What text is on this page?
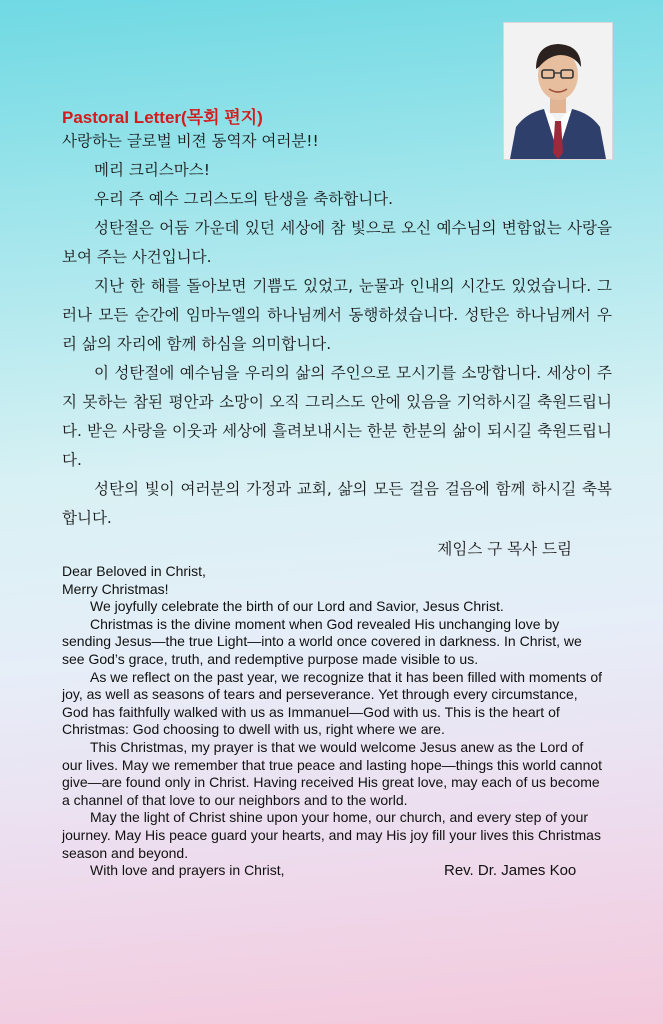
Pastoral Letter(목회 편지)

사랑하는 글로벌 비젼 동역자 여러분!!

메리 크리스마스!

우리 주 예수 그리스도의 탄생을 축하합니다.

성탄절은 어둠 가운데 있던 세상에 참 빛으로 오신 예수님의 변함없는 사랑을 보여 주는 사건입니다.

지난 한 해를 돌아보면 기쁨도 있었고, 눈물과 인내의 시간도 있었습니다. 그러나 모든 순간에 임마누엘의 하나님께서 동행하셨습니다. 성탄은 하나님께서 우리 삶의 자리에 함께 하심을 의미합니다.

이 성탄절에 예수님을 우리의 삶의 주인으로 모시기를 소망합니다. 세상이 주지 못하는 참된 평안과 소망이 오직 그리스도 안에 있음을 기억하시길 축원드립니다. 받은 사랑을 이웃과 세상에 흘려보내시는 한분 한분의 삶이 되시길 축원드립니다.

성탄의 빛이 여러분의 가정과 교회, 삶의 모든 걸음 걸음에 함께 하시길 축복합니다.

제임스 구 목사 드림

Dear Beloved in Christ,

Merry Christmas!

We joyfully celebrate the birth of our Lord and Savior, Jesus Christ.

Christmas is the divine moment when God revealed His unchanging love by sending Jesus—the true Light—into a world once covered in darkness. In Christ, we see God’s grace, truth, and redemptive purpose made visible to us.

As we reflect on the past year, we recognize that it has been filled with moments of joy, as well as seasons of tears and perseverance. Yet through every circumstance, God has faithfully walked with us as Immanuel—God with us. This is the heart of Christmas: God choosing to dwell with us, right where we are.

This Christmas, my prayer is that we would welcome Jesus anew as the Lord of our lives. May we remember that true peace and lasting hope—things this world cannot give—are found only in Christ. Having received His great love, may each of us become a channel of that love to our neighbors and to the world.

May the light of Christ shine upon your home, our church, and every step of your journey. May His peace guard your hearts, and may His joy fill your lives this Christmas season and beyond.

With love and prayers in Christ,	Rev. Dr. James Koo
